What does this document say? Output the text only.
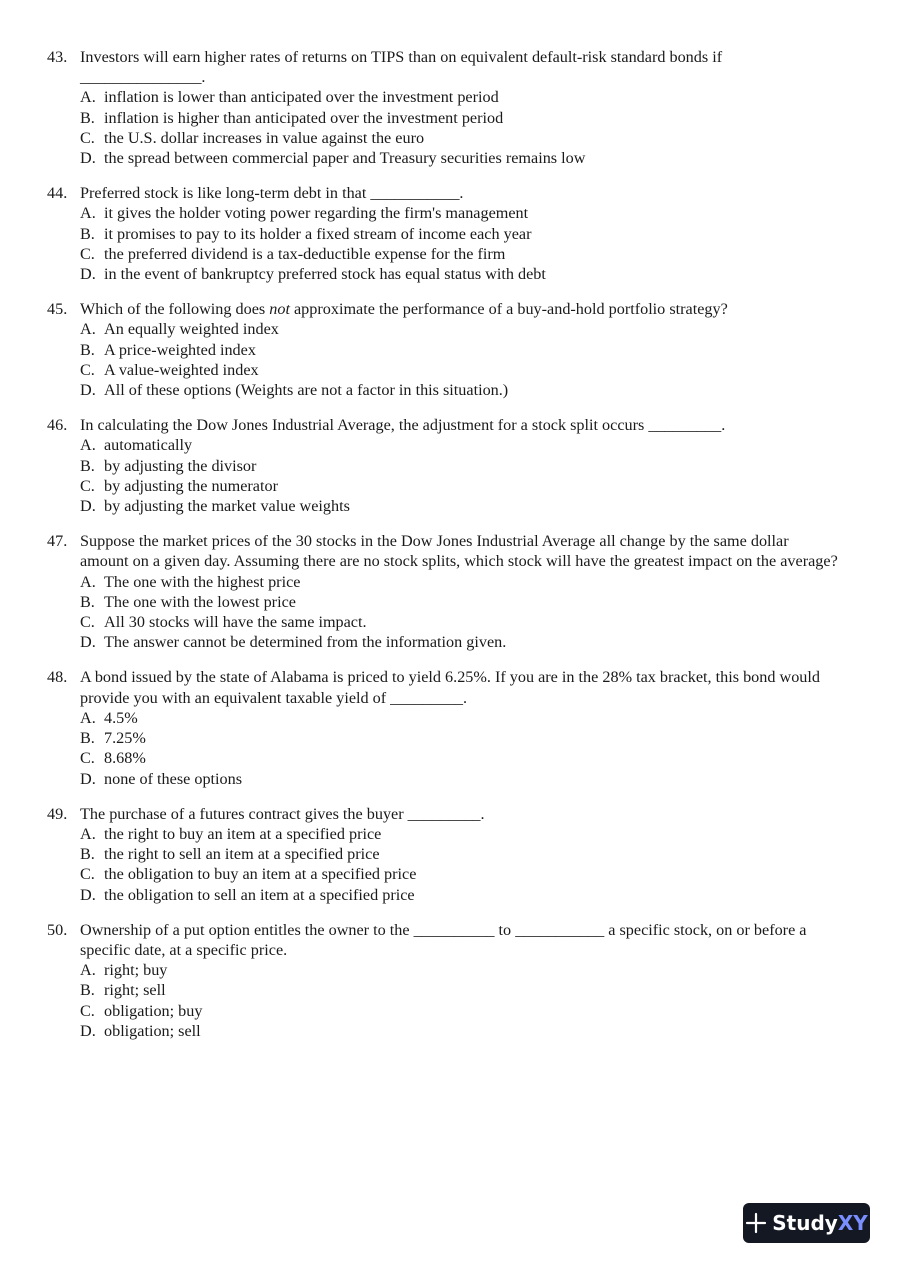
43. Investors will earn higher rates of returns on TIPS than on equivalent default-risk standard bonds if _______________.
A. inflation is lower than anticipated over the investment period
B. inflation is higher than anticipated over the investment period
C. the U.S. dollar increases in value against the euro
D. the spread between commercial paper and Treasury securities remains low
44. Preferred stock is like long-term debt in that ___________.
A. it gives the holder voting power regarding the firm's management
B. it promises to pay to its holder a fixed stream of income each year
C. the preferred dividend is a tax-deductible expense for the firm
D. in the event of bankruptcy preferred stock has equal status with debt
45. Which of the following does not approximate the performance of a buy-and-hold portfolio strategy?
A. An equally weighted index
B. A price-weighted index
C. A value-weighted index
D. All of these options (Weights are not a factor in this situation.)
46. In calculating the Dow Jones Industrial Average, the adjustment for a stock split occurs _________.
A. automatically
B. by adjusting the divisor
C. by adjusting the numerator
D. by adjusting the market value weights
47. Suppose the market prices of the 30 stocks in the Dow Jones Industrial Average all change by the same dollar amount on a given day. Assuming there are no stock splits, which stock will have the greatest impact on the average?
A. The one with the highest price
B. The one with the lowest price
C. All 30 stocks will have the same impact.
D. The answer cannot be determined from the information given.
48. A bond issued by the state of Alabama is priced to yield 6.25%. If you are in the 28% tax bracket, this bond would provide you with an equivalent taxable yield of _________.
A. 4.5%
B. 7.25%
C. 8.68%
D. none of these options
49. The purchase of a futures contract gives the buyer _________.
A. the right to buy an item at a specified price
B. the right to sell an item at a specified price
C. the obligation to buy an item at a specified price
D. the obligation to sell an item at a specified price
50. Ownership of a put option entitles the owner to the __________ to ___________ a specific stock, on or before a specific date, at a specific price.
A. right; buy
B. right; sell
C. obligation; buy
D. obligation; sell
StudyXY
